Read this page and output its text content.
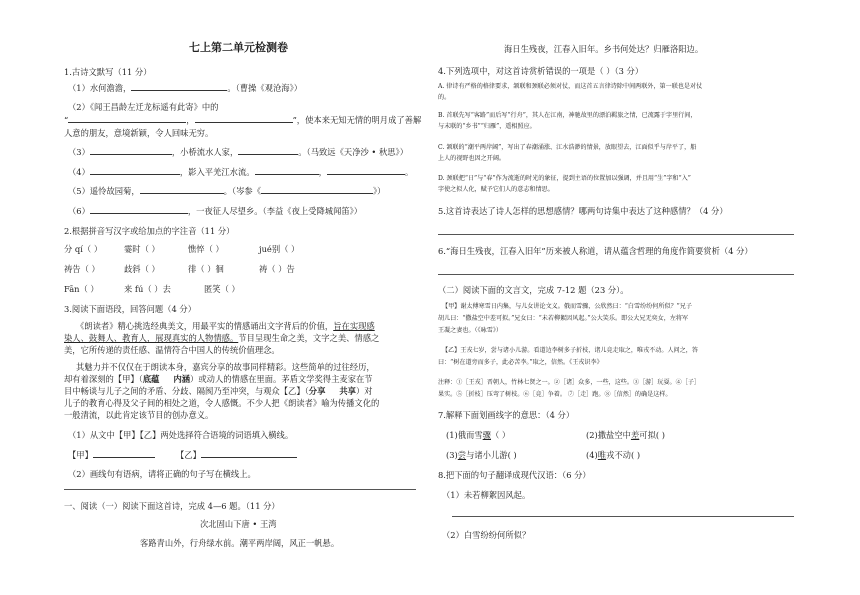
七上第二单元检测卷
1.古诗文默写（11 分）
（1）水何澹澹，	。（曹操《观沧海》）
（2）《闻王昌龄左迁龙标遥有此寄》中的
“	，	”，使本来无知无情的明月成了善解
人意的朋友，意境新颖，令人回味无穷。
（3）	，小桥流水人家，	。（马致远《天净沙 • 秋思》）
（4）	，影入平羌江水流。	，	。
（5）遥怜故园菊，	。（岑参《	》）
（6）	，一夜征人尽望乡。（李益《夜上受降城闻笛》）
2.根据拼音写汉字或给加点的字注音（11 分）
分 qí（ ）	霎时（ ）	憔悴（ ）	jué别（ ）
祷告（ ）	歧斜（ ）	徘（ ）徊	祷（ ）告
Fān（ ）	来 fú（ ）去	匿笑（ ）
3.阅读下面语段，回答问题（4 分）
《朗读者》精心挑选经典美文，用最平实的情感诵出文字背后的价值，旨在实现感
染人、鼓舞人、教育人，展现真实的人物情感。节目呈现生命之美，文字之美、情感之
美，它所传递的责任感、温情符合中国人的传统价值理念。
其魅力并不仅仅在于朗读本身，嘉宾分享的故事同样精彩。这些简单的过往经历，
却有着深刻的【甲】（底蕴 内涵）或动人的情感在里面。茅盾文学奖得主麦家在节
目中畅谈与儿子之间的矛盾、分歧、隔阂乃至冲突，与观众【乙】（分享 共享）对
儿子的教育心得及父子间的相处之道，令人感慨。不少人把《朗读者》喻为传播文化的
一般清流，以此肯定该节目的创办意义。
（1）从文中【甲】【乙】两处选择符合语境的词语填入横线。
【甲】	【乙】
（2）画线句有语病，请将正确的句子写在横线上。
一、阅读（一）阅读下面这首诗，完成 4—6 题。（11 分）
次北固山下唐 • 王湾
客路青山外，行舟绿水前。潮平两岸阔，风正一帆悬。
海日生残夜，江春入旧年。乡书何处达？归雁洛阳边。
4.下列选项中，对这首诗赏析错误的一项是（ ）（3 分）
A. 律诗有严格的格律要求，颔联和颈联必须对仗，而这首五言律诗除中间两联外，第一联也是对仗
的。
B. 首联先写“客路”而后写“行舟”，其人在江南，神驰故里的漂泊羁旅之情，已流露于字里行间，
与末联的“乡书”“归雁”，遥相照应。
C. 颔联的“潮平两岸阔”，写出了春潮涌涨、江水浩渺的情景，放眼望去，江面似乎与岸平了，船
上人的视野也因之开阔。
D. 颈联把“日”与“春”作为流逝的时光的象征，提到主语的位置加以强调，并且用“生”字和“入”
字使之拟人化，赋予它们人的意志和情思。
5.这首诗表达了诗人怎样的思想感情？哪两句诗集中表达了这种感情？（4 分）
6.“海日生残夜，江春入旧年”历来被人称道，请从蕴含哲理的角度作简要赏析（4 分）
（二）阅读下面的文言文，完成 7-12 题（23 分）。
【甲】谢太傅寒雪日内集，与儿女讲论文义。俄而雪骤，公欣然曰：“白雪纷纷何所似？”兄子
胡儿曰：“撒盐空中差可拟。”兄女曰：“未若柳絮因风起。”公大笑乐。即公大兄无奕女，左将军
王凝之妻也。（《咏雪》）
【乙】王戎七岁，尝与诸小儿游。看道边李树多子折枝，诸儿竞走取之，唯戎不动。人问之，答
曰：“树在道旁而多子，此必苦李。”取之，信然。《王戎识李》
注释：①［王戎］晋朝人，竹林七贤之一。②［诸］众多，一些，这些。③［游］玩耍。④［子］
果实。⑤［折枝］压弯了树枝。⑥［竞］争着。 ⑦［走］跑。⑧［信然］的确是这样。
7.解释下面划画线字的意思：（4 分）
(1)俄而雪骤（ ）	(2)撒盐空中差可拟( )
(3)尝与诸小儿游( )	(4)唯戎不动( )
8.把下面的句子翻译成现代汉语：（6 分）
（1）未若柳絮因风起。
（2）白雪纷纷何所似？
